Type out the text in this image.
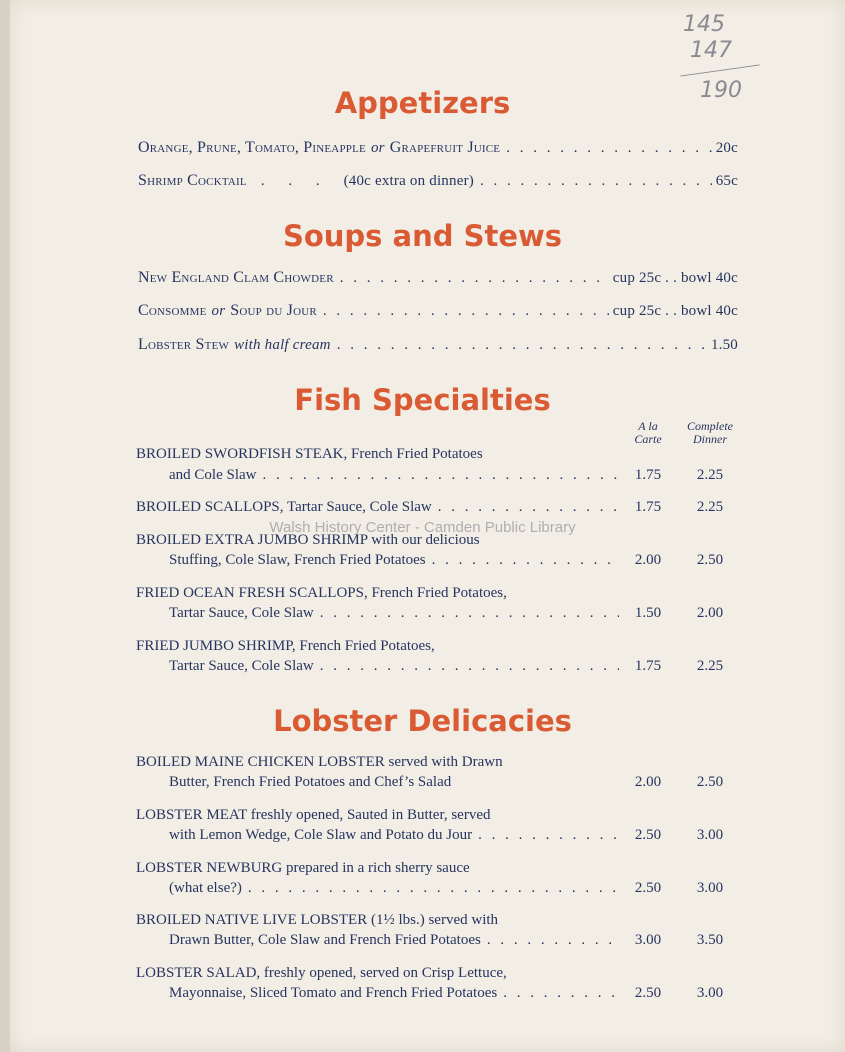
145
147
190
Appetizers
Orange, Prune, Tomato, Pineapple or Grapefruit Juice . . .	20c
Shrimp Cocktail . . . (40c extra on dinner) . . .	65c
Soups and Stews
New England Clam Chowder . . .	cup 25c . . bowl 40c
Consomme or Soup du Jour . . .	cup 25c . . bowl 40c
Lobster Stew with half cream . . .	1.50
Fish Specialties
A la
Carte
Complete
Dinner
BROILED SWORDFISH STEAK, French Fried Potatoes
and Cole Slaw . . .	1.75	2.25
BROILED SCALLOPS, Tartar Sauce, Cole Slaw . . .	1.75	2.25
BROILED EXTRA JUMBO SHRIMP with our delicious
Stuffing, Cole Slaw, French Fried Potatoes . . .	2.00	2.50
FRIED OCEAN FRESH SCALLOPS, French Fried Potatoes,
Tartar Sauce, Cole Slaw . . .	1.50	2.00
FRIED JUMBO SHRIMP, French Fried Potatoes,
Tartar Sauce, Cole Slaw . . .	1.75	2.25
Lobster Delicacies
BOILED MAINE CHICKEN LOBSTER served with Drawn
Butter, French Fried Potatoes and Chef’s Salad	2.00	2.50
LOBSTER MEAT freshly opened, Sauted in Butter, served
with Lemon Wedge, Cole Slaw and Potato du Jour . . .	2.50	3.00
LOBSTER NEWBURG prepared in a rich sherry sauce
(what else?) . . .	2.50	3.00
BROILED NATIVE LIVE LOBSTER (1½ lbs.) served with
Drawn Butter, Cole Slaw and French Fried Potatoes . . .	3.00	3.50
LOBSTER SALAD, freshly opened, served on Crisp Lettuce,
Mayonnaise, Sliced Tomato and French Fried Potatoes . . .	2.50	3.00
Walsh History Center - Camden Public Library
